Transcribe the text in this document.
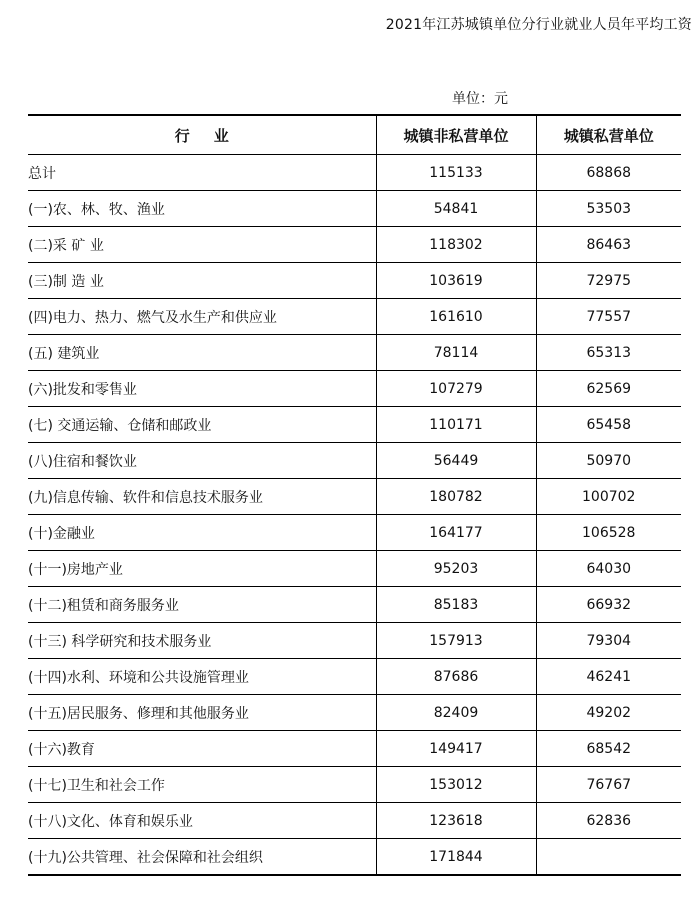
2021年江苏城镇单位分行业就业人员年平均工资
单位：元
行业	城镇非私营单位	城镇私营单位
总计	115133	68868
(一)农、林、牧、渔业	54841	53503
(二)采 矿 业	118302	86463
(三)制 造 业	103619	72975
(四)电力、热力、燃气及水生产和供应业	161610	77557
(五) 建筑业	78114	65313
(六)批发和零售业	107279	62569
(七) 交通运输、仓储和邮政业	110171	65458
(八)住宿和餐饮业	56449	50970
(九)信息传输、软件和信息技术服务业	180782	100702
(十)金融业	164177	106528
(十一)房地产业	95203	64030
(十二)租赁和商务服务业	85183	66932
(十三) 科学研究和技术服务业	157913	79304
(十四)水利、环境和公共设施管理业	87686	46241
(十五)居民服务、修理和其他服务业	82409	49202
(十六)教育	149417	68542
(十七)卫生和社会工作	153012	76767
(十八)文化、体育和娱乐业	123618	62836
(十九)公共管理、社会保障和社会组织	171844	
